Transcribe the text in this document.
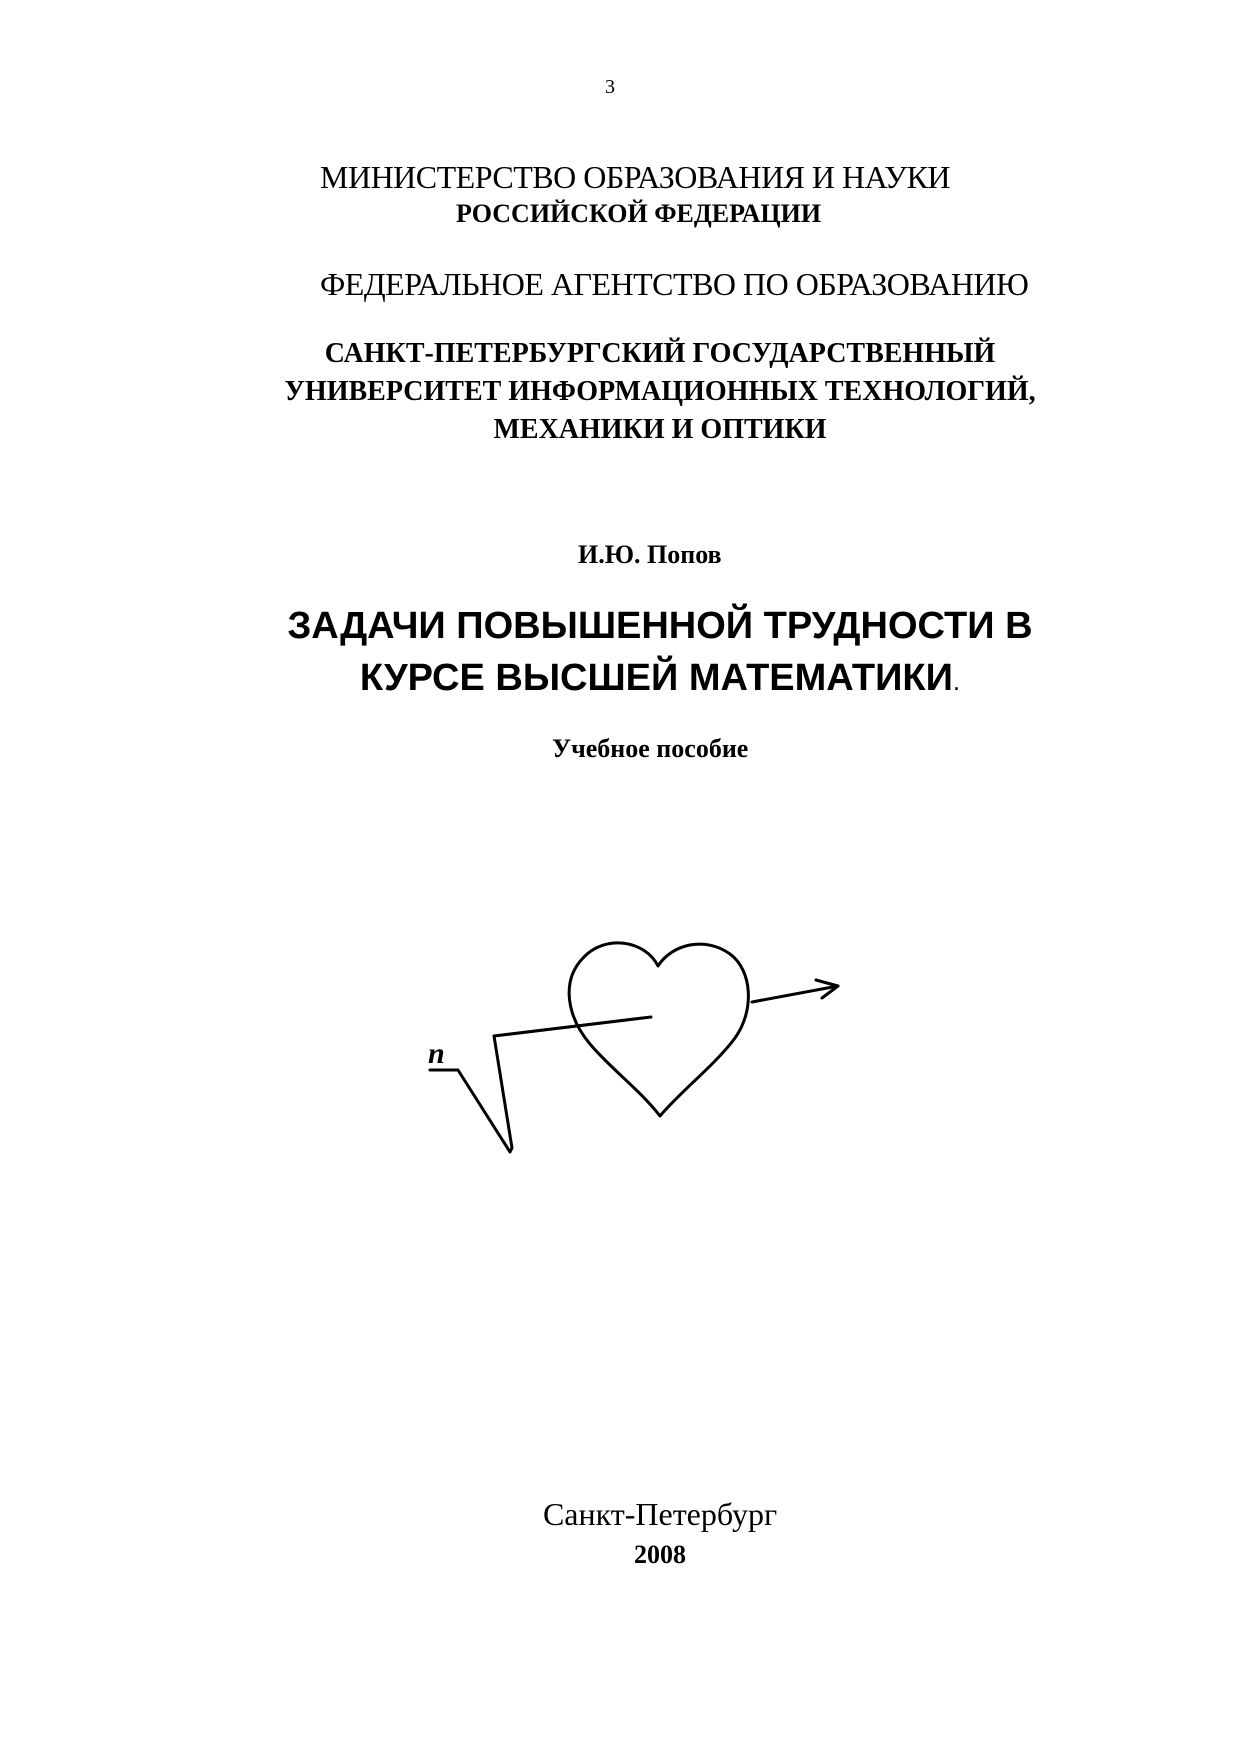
3
МИНИСТЕРСТВО ОБРАЗОВАНИЯ И НАУКИ
РОССИЙСКОЙ ФЕДЕРАЦИИ
ФЕДЕРАЛЬНОЕ АГЕНТСТВО ПО ОБРАЗОВАНИЮ
САНКТ-ПЕТЕРБУРГСКИЙ ГОСУДАРСТВЕННЫЙ
УНИВЕРСИТЕТ ИНФОРМАЦИОННЫХ ТЕХНОЛОГИЙ,
МЕХАНИКИ И ОПТИКИ
И.Ю. Попов
ЗАДАЧИ ПОВЫШЕННОЙ ТРУДНОСТИ В
КУРСЕ ВЫСШЕЙ МАТЕМАТИКИ.
Учебное пособие
n
Санкт-Петербург
2008
